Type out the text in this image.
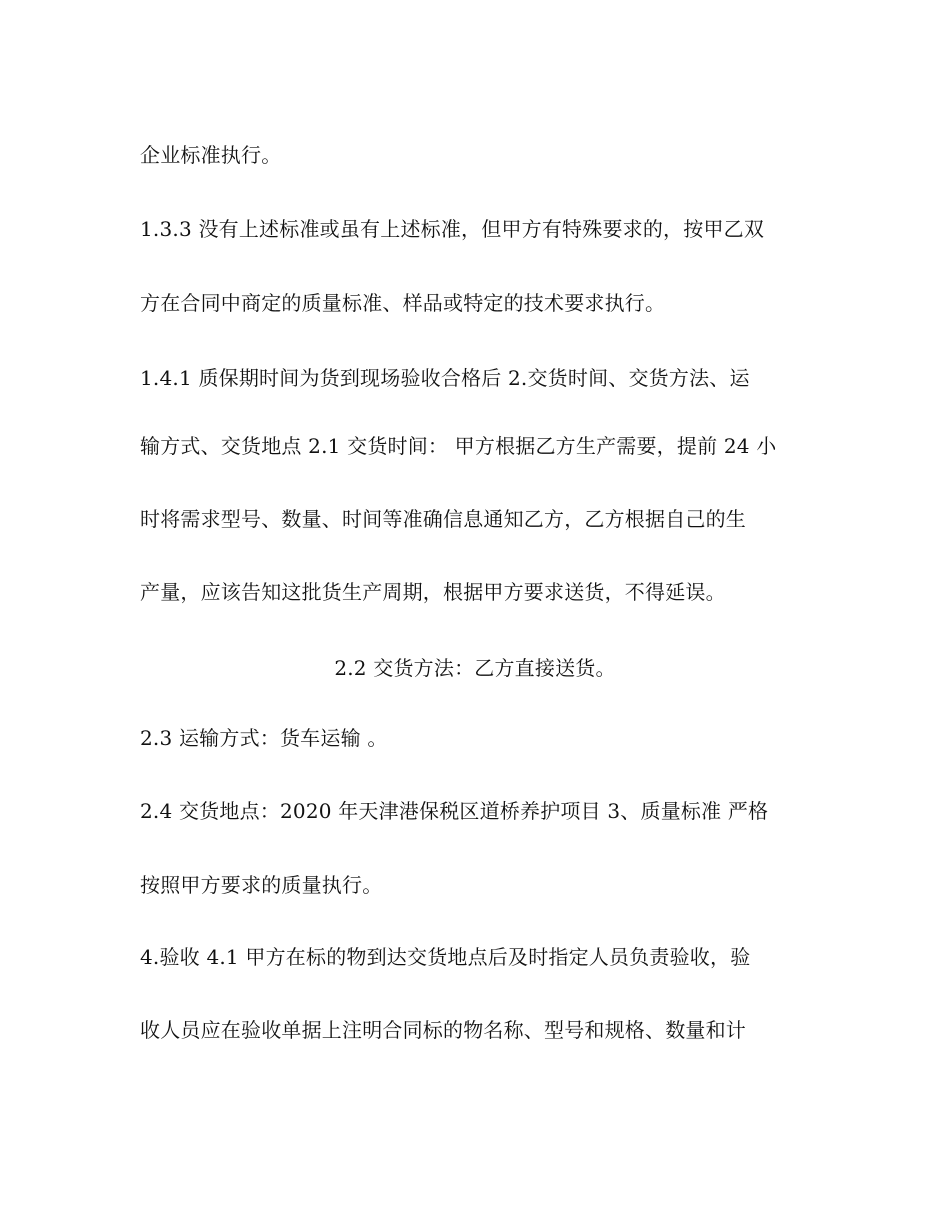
企业标准执行。
1.3.3 没有上述标准或虽有上述标准，但甲方有特殊要求的，按甲乙双
方在合同中商定的质量标准、样品或特定的技术要求执行。
1.4.1 质保期时间为货到现场验收合格后 2.交货时间、交货方法、运
输方式、交货地点 2.1 交货时间： 甲方根据乙方生产需要，提前 24 小
时将需求型号、数量、时间等准确信息通知乙方，乙方根据自己的生
产量，应该告知这批货生产周期，根据甲方要求送货，不得延误。
2.2 交货方法：乙方直接送货。
2.3 运输方式：货车运输 。
2.4 交货地点：2020 年天津港保税区道桥养护项目 3、质量标准 严格
按照甲方要求的质量执行。
4.验收 4.1 甲方在标的物到达交货地点后及时指定人员负责验收，验
收人员应在验收单据上注明合同标的物名称、型号和规格、数量和计
